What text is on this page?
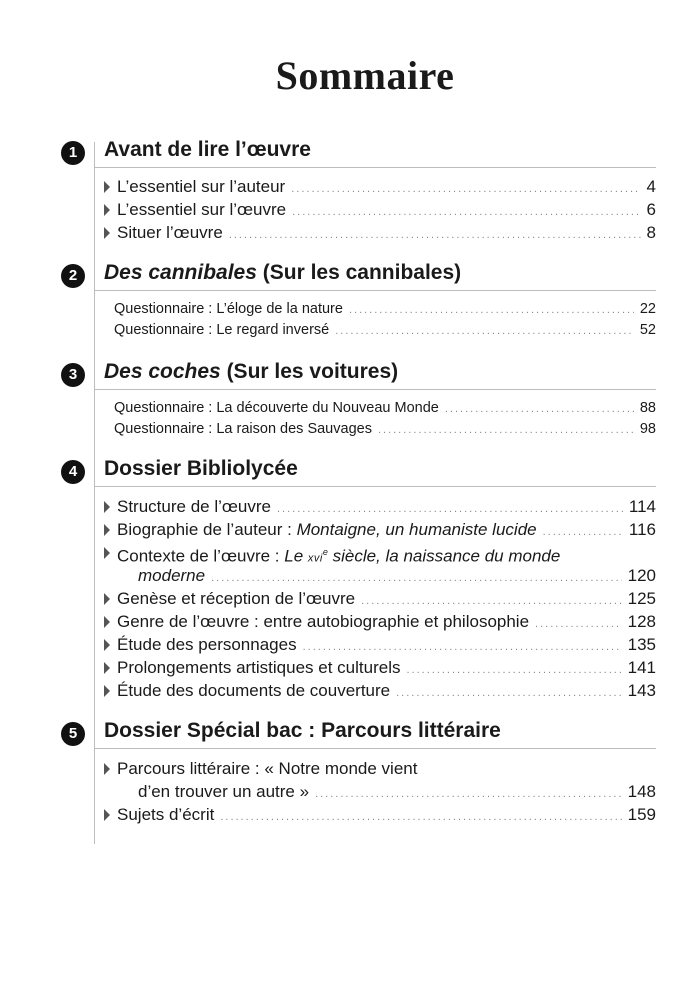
Sommaire
1	Avant de lire l’œuvre
L’essentiel sur l’auteur .....	4
L’essentiel sur l’œuvre .....	6
Situer l’œuvre .....	8
2	Des cannibales (Sur les cannibales)
Questionnaire : L’éloge de la nature .....	22
Questionnaire : Le regard inversé .....	52
3	Des coches (Sur les voitures)
Questionnaire : La découverte du Nouveau Monde .....	88
Questionnaire : La raison des Sauvages .....	98
4	Dossier Bibliolycée
Structure de l’œuvre .....	114
Biographie de l’auteur : Montaigne, un humaniste lucide .....	116
Contexte de l’œuvre : Le xvi$^e$ siècle, la naissance du monde
moderne .....	120
Genèse et réception de l’œuvre .....	125
Genre de l’œuvre : entre autobiographie et philosophie .....	128
Étude des personnages .....	135
Prolongements artistiques et culturels .....	141
Étude des documents de couverture .....	143
5	Dossier Spécial bac : Parcours littéraire
Parcours littéraire : « Notre monde vient
d’en trouver un autre » .....	148
Sujets d’écrit .....	159
